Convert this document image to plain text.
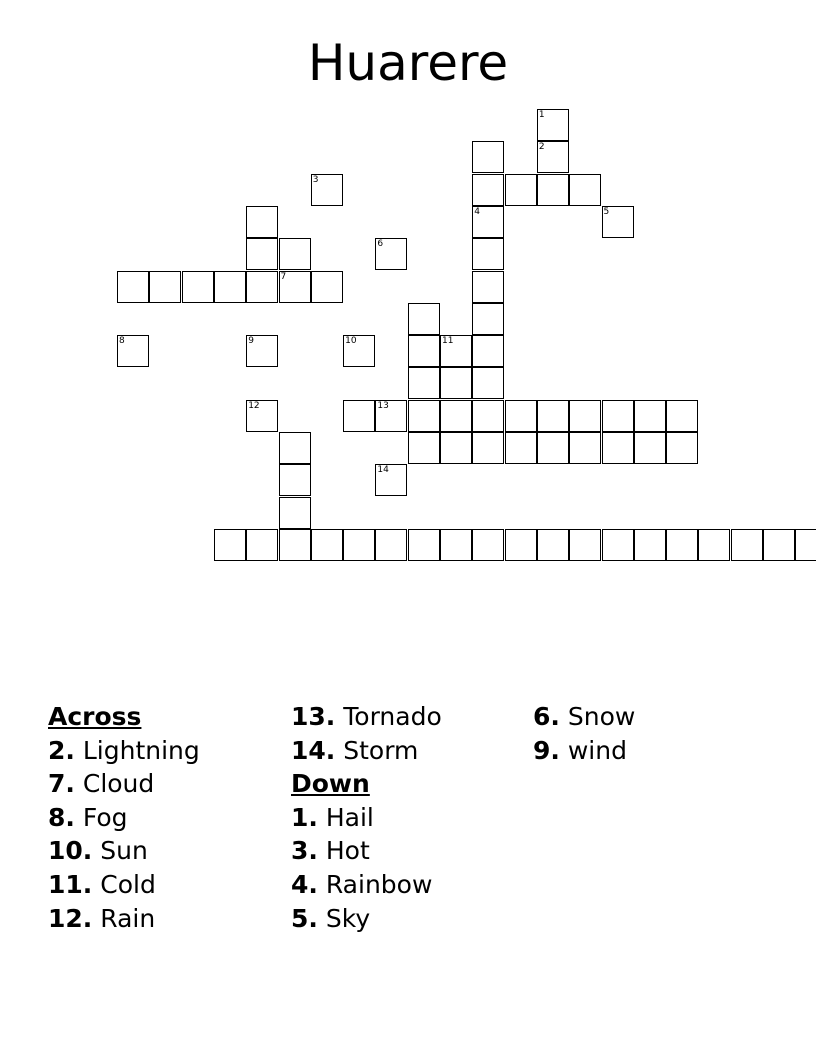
Huarere
4
7
13
1
2
3
5
6
8	9	10	11
12
14
Across
2. Lightning
7. Cloud
8. Fog
10. Sun
11. Cold
12. Rain
13. Tornado
14. Storm
Down
1. Hail
3. Hot
4. Rainbow
5. Sky
6. Snow
9. wind
